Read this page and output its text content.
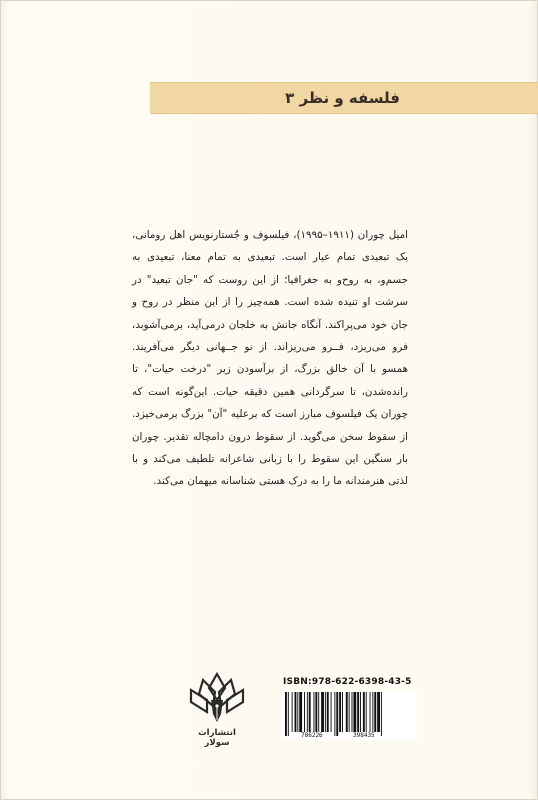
فلسفه و نظر ۳

امیل چوران (۱۹۱۱–۱۹۹۵)، فیلسوف و جُستارنویس اهل رومانی، یک تبعیدی تمام عیار است. تبعیدی به تمام معنا، تبعیدی به جسم‌و، به روح‌و به جغرافیا؛ از این روست که "جان تبعید" در سرشت او تنیده شده است. همه‌چیز را از این منظر در روح و جان خود می‌پراکند. آنگاه جانش به خلجان درمی‌آید، برمی‌آشوبد، فرو می‌ریزد، فــرو می‌ریزاند. از نو جــهانی دیگر می‌آفریند. همسو با آن خالق بزرگ، از برآسودن زیر "درخت حیات"، تا راندەشدن، تا سرگردانی همین دقیقه حیات. این‌گونه است که چوران یک فیلسوف مبارز است که برعلیه "آن" بزرگ برمی‌خیزد. از سقوط سخن می‌گوید. از سقوط درون دامچاله تقدیر. چوران بار سنگین این سقوط را با زبانی شاعرانه تلطیف می‌کند و با لذتی هنرمندانه ما را به درک هستی شناسانه میهمان می‌کند.

انتشارات سولار
ISBN:978-622-6398-43-5
786226	398435
